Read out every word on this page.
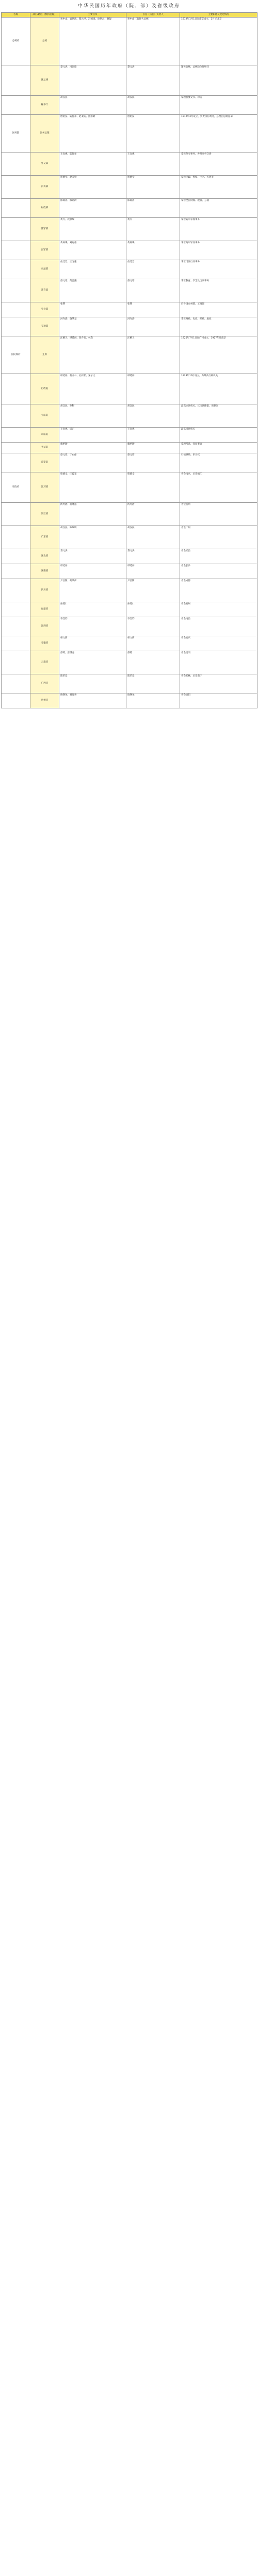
中华民国历年政府（院、部）及省级政府
名称	部门/辖区（机构名称）	主要官员	首任（历任）负责人	主要职能及变迁情况
总统府	总统	孙中山、袁世凯、黎元洪、冯国璋、徐世昌、曹锟	孙中山（临时大总统）	1912年1月1日在南京成立，3月迁北京
	副总统	黎元洪、冯国璋	黎元洪	辅佐总统，总统缺位时继任
	秘书厅	胡汉民	胡汉民	掌理机要文书、印信
国务院	国务总理	唐绍仪、陆征祥、赵秉钧、熊希龄	唐绍仪	1912年3月设立，负责执行政务，总理由总统任命
	外交部	王宠惠、陆征祥	王宠惠	掌管外交事务，办理对外交涉
	内务部	程德全、赵秉钧	程德全	掌管民政、警察、土木、礼俗等
	财政部	陈锦涛、熊希龄	陈锦涛	掌管全国财政、税收、公债
	陆军部	黄兴、段祺瑞	黄兴	掌管陆军军政事务
	海军部	黄钟瑛、刘冠雄	黄钟瑛	掌管海军军政事务
	司法部	伍廷芳、王宠惠	伍廷芳	掌管司法行政事务
	教育部	蔡元培、范源濂	蔡元培	掌管教育、学艺及历象事务
	实业部	张謇	张謇	后分设农林部、工商部
	交通部	汤寿潜、施肇基	汤寿潜	掌管路政、电政、邮政、航政
国民政府	主席	汪精卫、谭延闿、蒋介石、林森	汪精卫	1925年7月1日在广州成立，1927年迁南京
	行政院	谭延闿、蒋介石、孔祥熙、宋子文	谭延闿	1928年10月设立，为最高行政机关
	立法院	胡汉民、孙科	胡汉民	最高立法机关，议决法律案、预算案
	司法院	王宠惠、居正	王宠惠	最高司法机关
	考试院	戴季陶	戴季陶	掌理考选、铨叙事宜
	监察院	蔡元培、于右任	蔡元培	行使弹劾、审计权
省政府	江苏省	程德全、庄蕴宽	程德全	省会南京，后迁镇江
	浙江省	汤寿潜、蒋尊簋	汤寿潜	省会杭州
	广东省	胡汉民、陈炯明	胡汉民	省会广州
	湖北省	黎元洪	黎元洪	省会武昌
	湖南省	谭延闿	谭延闿	省会长沙
	四川省	尹昌衡、胡景伊	尹昌衡	省会成都
	福建省	孙道仁	孙道仁	省会福州
	江西省	李烈钧	李烈钧	省会南昌
	安徽省	柏文蔚	柏文蔚	省会安庆
	云南省	蔡锷、唐继尧	蔡锷	省会昆明
	广西省	陆荣廷	陆荣廷	省会桂林，后迁南宁
	贵州省	唐继尧、刘显世	唐继尧	省会贵阳
